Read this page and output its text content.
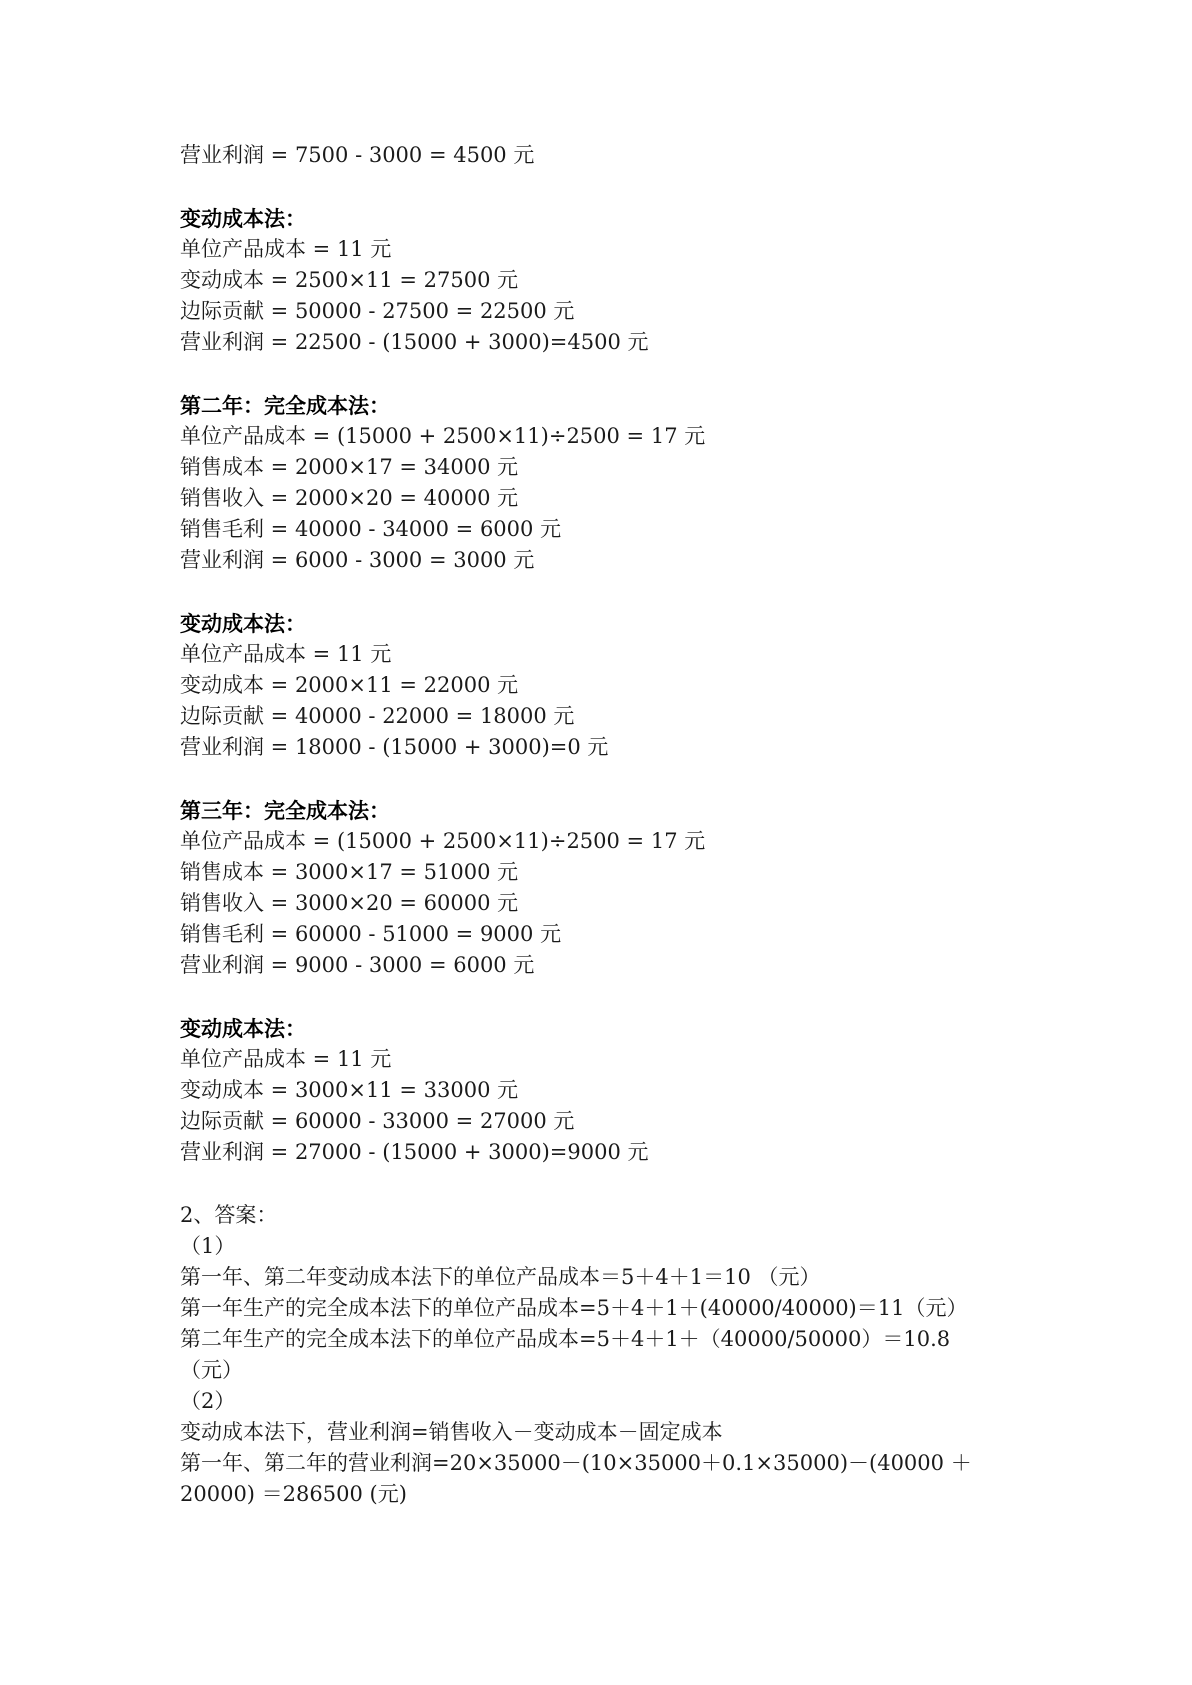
营业利润 = 7500 - 3000 = 4500 元
变动成本法：
单位产品成本 = 11 元
变动成本 = 2500×11 = 27500 元
边际贡献 = 50000 - 27500 = 22500 元
营业利润 = 22500 - (15000 + 3000)=4500 元
第二年：完全成本法：
单位产品成本 = (15000 + 2500×11)÷2500 = 17 元
销售成本 = 2000×17 = 34000 元
销售收入 = 2000×20 = 40000 元
销售毛利 = 40000 - 34000 = 6000 元
营业利润 = 6000 - 3000 = 3000 元
变动成本法：
单位产品成本 = 11 元
变动成本 = 2000×11 = 22000 元
边际贡献 = 40000 - 22000 = 18000 元
营业利润 = 18000 - (15000 + 3000)=0 元
第三年：完全成本法：
单位产品成本 = (15000 + 2500×11)÷2500 = 17 元
销售成本 = 3000×17 = 51000 元
销售收入 = 3000×20 = 60000 元
销售毛利 = 60000 - 51000 = 9000 元
营业利润 = 9000 - 3000 = 6000 元
变动成本法：
单位产品成本 = 11 元
变动成本 = 3000×11 = 33000 元
边际贡献 = 60000 - 33000 = 27000 元
营业利润 = 27000 - (15000 + 3000)=9000 元
2、答案：
（1）
第一年、第二年变动成本法下的单位产品成本＝5＋4＋1＝10 （元）
第一年生产的完全成本法下的单位产品成本=5＋4＋1＋(40000/40000)＝11（元）
第二年生产的完全成本法下的单位产品成本=5＋4＋1＋（40000/50000）＝10.8
（元）
（2）
变动成本法下，营业利润=销售收入－变动成本－固定成本
第一年、第二年的营业利润=20×35000－(10×35000＋0.1×35000)－(40000 ＋
20000) ＝286500 (元)
